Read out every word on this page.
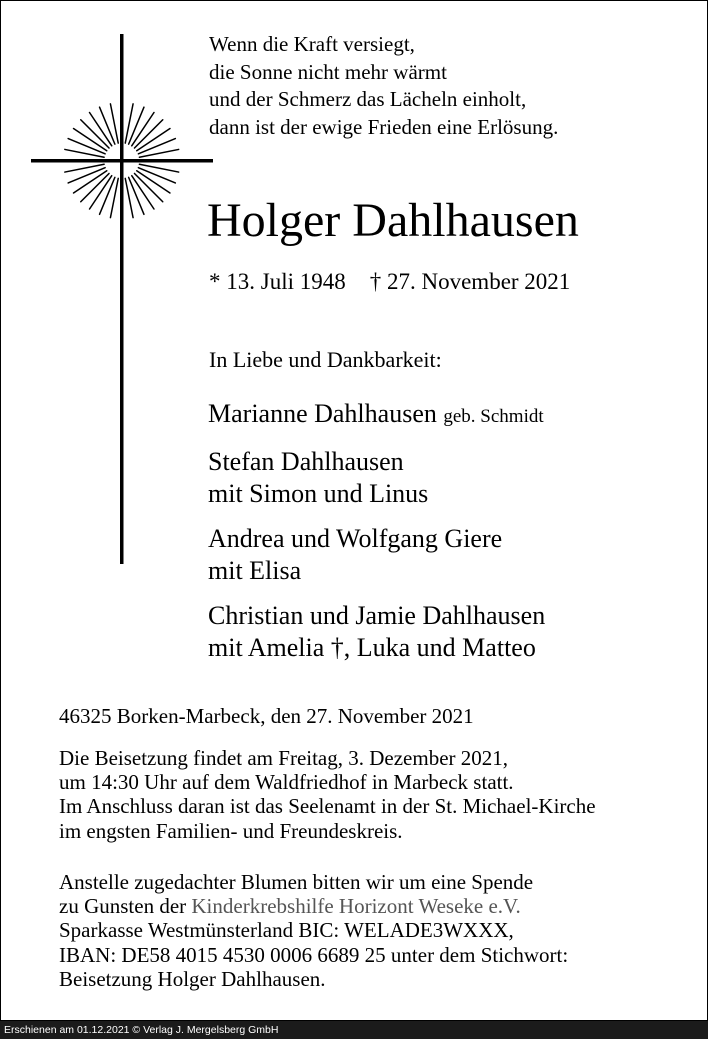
Wenn die Kraft versiegt,
die Sonne nicht mehr wärmt
und der Schmerz das Lächeln einholt,
dann ist der ewige Frieden eine Erlösung.
Holger Dahlhausen
* 13. Juli 1948 † 27. November 2021
In Liebe und Dankbarkeit:
Marianne Dahlhausen geb. Schmidt
Stefan Dahlhausen
mit Simon und Linus
Andrea und Wolfgang Giere
mit Elisa
Christian und Jamie Dahlhausen
mit Amelia †, Luka und Matteo
46325 Borken-Marbeck, den 27. November 2021
Die Beisetzung findet am Freitag, 3. Dezember 2021,
um 14:30 Uhr auf dem Waldfriedhof in Marbeck statt.
Im Anschluss daran ist das Seelenamt in der St. Michael-Kirche
im engsten Familien- und Freundeskreis.
Anstelle zugedachter Blumen bitten wir um eine Spende
zu Gunsten der Kinderkrebshilfe Horizont Weseke e.V.
Sparkasse Westmünsterland BIC: WELADE3WXXX,
IBAN: DE58 4015 4530 0006 6689 25 unter dem Stichwort:
Beisetzung Holger Dahlhausen.
Erschienen am 01.12.2021 © Verlag J. Mergelsberg GmbH
